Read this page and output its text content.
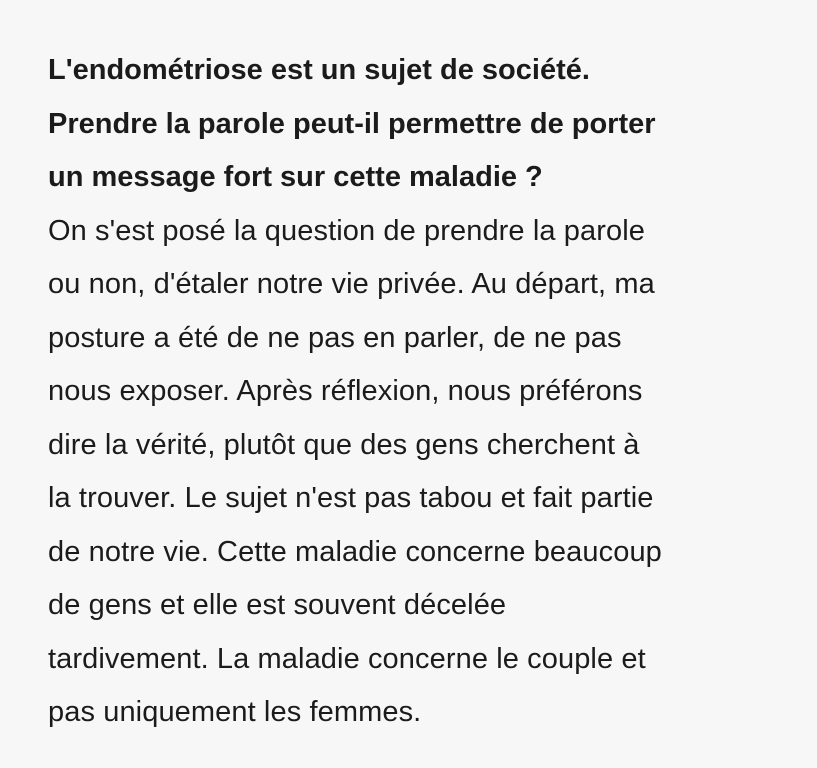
L'endométriose est un sujet de société.
Prendre la parole peut-il permettre de porter
un message fort sur cette maladie ?
On s'est posé la question de prendre la parole
ou non, d'étaler notre vie privée. Au départ, ma
posture a été de ne pas en parler, de ne pas
nous exposer. Après réflexion, nous préférons
dire la vérité, plutôt que des gens cherchent à
la trouver. Le sujet n'est pas tabou et fait partie
de notre vie. Cette maladie concerne beaucoup
de gens et elle est souvent décelée
tardivement. La maladie concerne le couple et
pas uniquement les femmes.
